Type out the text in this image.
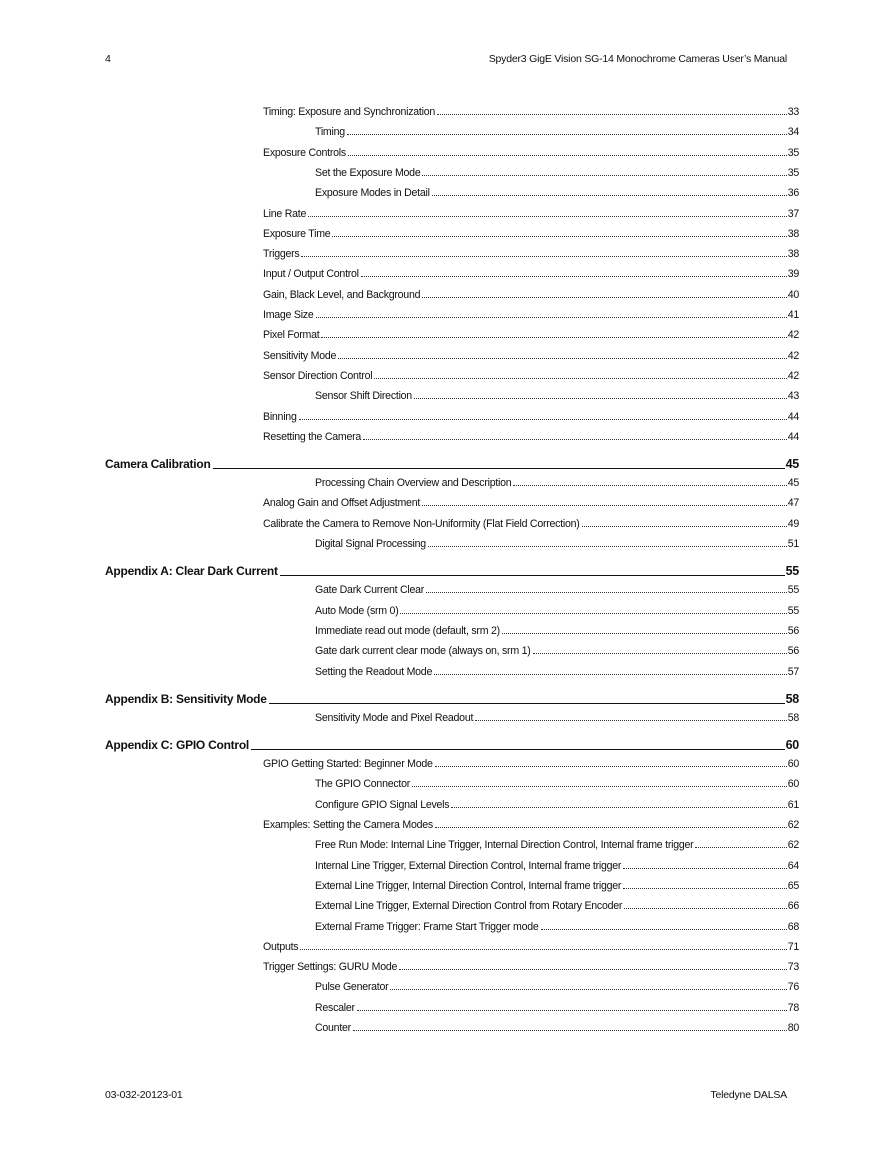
4	Spyder3 GigE Vision SG-14 Monochrome Cameras User’s Manual
Timing: Exposure and Synchronization	33
Timing	34
Exposure Controls	35
Set the Exposure Mode	35
Exposure Modes in Detail	36
Line Rate	37
Exposure Time	38
Triggers	38
Input / Output Control	39
Gain, Black Level, and Background	40
Image Size	41
Pixel Format	42
Sensitivity Mode	42
Sensor Direction Control	42
Sensor Shift Direction	43
Binning	44
Resetting the Camera	44
Camera Calibration	45
Processing Chain Overview and Description	45
Analog Gain and Offset Adjustment	47
Calibrate the Camera to Remove Non-Uniformity (Flat Field Correction)	49
Digital Signal Processing	51
Appendix A: Clear Dark Current	55
Gate Dark Current Clear	55
Auto Mode (srm 0)	55
Immediate read out mode (default, srm 2)	56
Gate dark current clear mode (always on, srm 1)	56
Setting the Readout Mode	57
Appendix B: Sensitivity Mode	58
Sensitivity Mode and Pixel Readout	58
Appendix C: GPIO Control	60
GPIO Getting Started: Beginner Mode	60
The GPIO Connector	60
Configure GPIO Signal Levels	61
Examples: Setting the Camera Modes	62
Free Run Mode: Internal Line Trigger, Internal Direction Control, Internal frame trigger	62
Internal Line Trigger, External Direction Control, Internal frame trigger	64
External Line Trigger, Internal Direction Control, Internal frame trigger	65
External Line Trigger, External Direction Control from Rotary Encoder	66
External Frame Trigger: Frame Start Trigger mode	68
Outputs	71
Trigger Settings: GURU Mode	73
Pulse Generator	76
Rescaler	78
Counter	80
03-032-20123-01	Teledyne DALSA
